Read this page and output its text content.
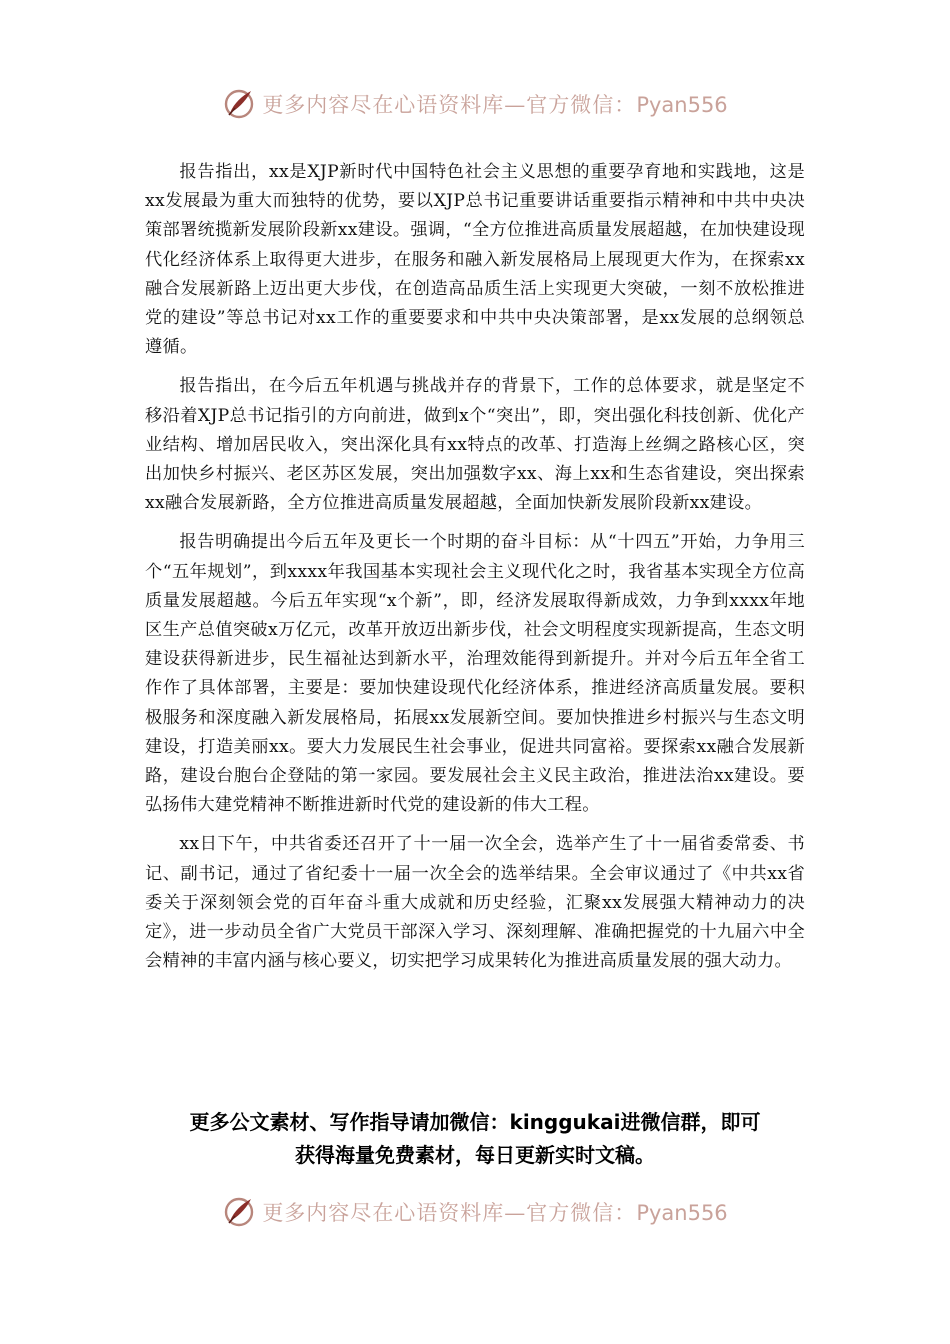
更多内容尽在心语资料库—官方微信：Pyan556

报告指出，xx是XJP新时代中国特色社会主义思想的重要孕育地和实践地，这是xx发展最为重大而独特的优势，要以XJP总书记重要讲话重要指示精神和中共中央决策部署统揽新发展阶段新xx建设。强调，“全方位推进高质量发展超越，在加快建设现代化经济体系上取得更大进步，在服务和融入新发展格局上展现更大作为，在探索xx融合发展新路上迈出更大步伐，在创造高品质生活上实现更大突破，一刻不放松推进党的建设”等总书记对xx工作的重要要求和中共中央决策部署，是xx发展的总纲领总遵循。

报告指出，在今后五年机遇与挑战并存的背景下，工作的总体要求，就是坚定不移沿着XJP总书记指引的方向前进，做到x个“突出”，即，突出强化科技创新、优化产业结构、增加居民收入，突出深化具有xx特点的改革、打造海上丝绸之路核心区，突出加快乡村振兴、老区苏区发展，突出加强数字xx、海上xx和生态省建设，突出探索xx融合发展新路，全方位推进高质量发展超越，全面加快新发展阶段新xx建设。

报告明确提出今后五年及更长一个时期的奋斗目标：从“十四五”开始，力争用三个“五年规划”，到xxxx年我国基本实现社会主义现代化之时，我省基本实现全方位高质量发展超越。今后五年实现“x个新”，即，经济发展取得新成效，力争到xxxx年地区生产总值突破x万亿元，改革开放迈出新步伐，社会文明程度实现新提高，生态文明建设获得新进步，民生福祉达到新水平，治理效能得到新提升。并对今后五年全省工作作了具体部署，主要是：要加快建设现代化经济体系，推进经济高质量发展。要积极服务和深度融入新发展格局，拓展xx发展新空间。要加快推进乡村振兴与生态文明建设，打造美丽xx。要大力发展民生社会事业，促进共同富裕。要探索xx融合发展新路，建设台胞台企登陆的第一家园。要发展社会主义民主政治，推进法治xx建设。要弘扬伟大建党精神不断推进新时代党的建设新的伟大工程。

xx日下午，中共省委还召开了十一届一次全会，选举产生了十一届省委常委、书记、副书记，通过了省纪委十一届一次全会的选举结果。全会审议通过了《中共xx省委关于深刻领会党的百年奋斗重大成就和历史经验，汇聚xx发展强大精神动力的决定》，进一步动员全省广大党员干部深入学习、深刻理解、准确把握党的十九届六中全会精神的丰富内涵与核心要义，切实把学习成果转化为推进高质量发展的强大动力。

更多公文素材、写作指导请加微信：kinggukai进微信群，即可
获得海量免费素材，每日更新实时文稿。
更多内容尽在心语资料库—官方微信：Pyan556
